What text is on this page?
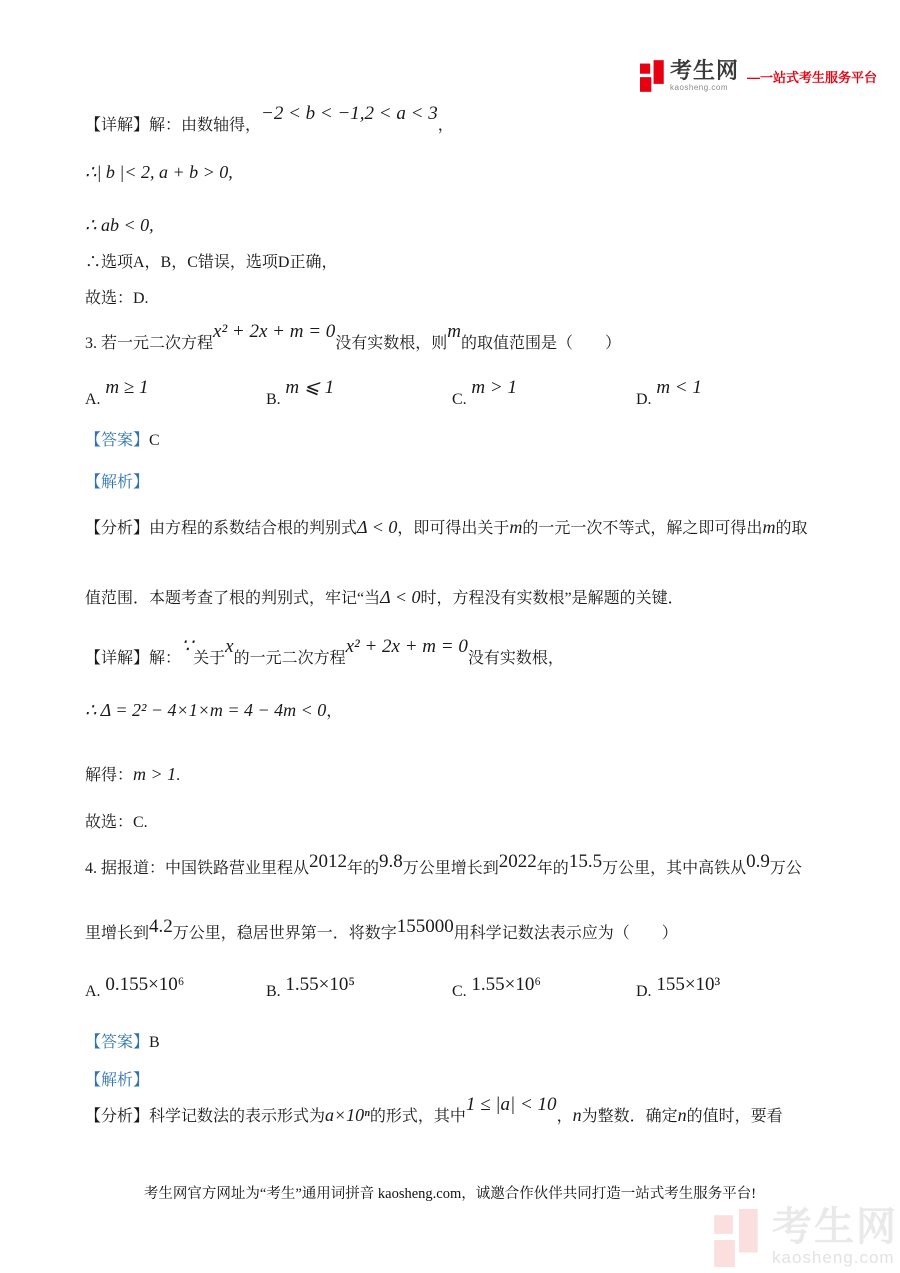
考生网
kaosheng.com
—一站式考生服务平台
【详解】解：由数轴得，−2 < b < −1,2 < a < 3，
∴| b |< 2, a + b > 0,
∴ ab < 0,
∴选项A，B，C错误，选项D正确，
故选：D.
3. 若一元二次方程x² + 2x + m = 0没有实数根，则m的取值范围是（　　）
A. m ≥ 1
B. m ⩽ 1
C. m > 1
D. m < 1
【答案】C
【解析】
【分析】由方程的系数结合根的判别式Δ < 0，即可得出关于m的一元一次不等式，解之即可得出m的取
值范围．本题考查了根的判别式，牢记“当Δ < 0时，方程没有实数根”是解题的关键．
【详解】解：∵关于x的一元二次方程x² + 2x + m = 0没有实数根，
∴ Δ = 2² − 4×1×m = 4 − 4m < 0，
解得：m > 1.
故选：C.
4. 据报道：中国铁路营业里程从2012年的9.8万公里增长到2022年的15.5万公里，其中高铁从0.9万公
里增长到4.2万公里，稳居世界第一．将数字155000用科学记数法表示应为（　　）
A. 0.155×10⁶	B. 1.55×10⁵	C. 1.55×10⁶	D. 155×10³
【答案】B
【解析】
【分析】科学记数法的表示形式为a×10ⁿ的形式，其中1 ≤ |a| < 10，n为整数．确定n的值时，要看
考生网官方网址为“考生”通用词拼音 kaosheng.com，诚邀合作伙伴共同打造一站式考生服务平台!
考生网
kaosheng.com
